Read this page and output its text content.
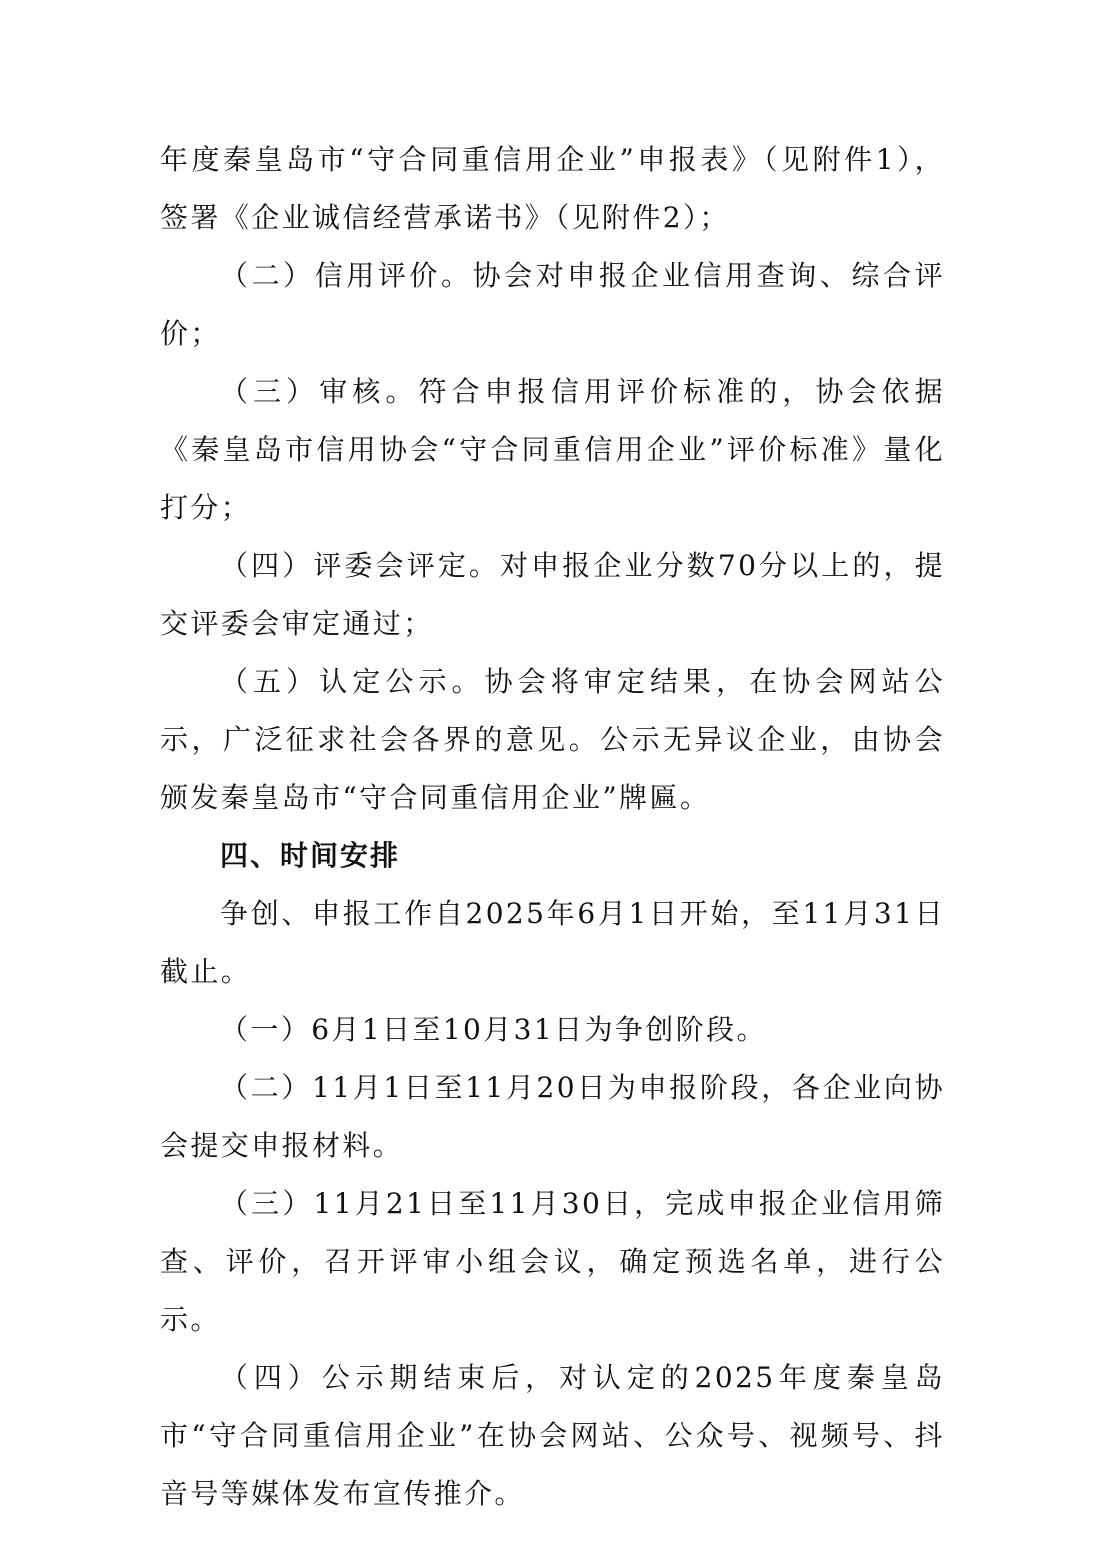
年度秦皇岛市“守合同重信用企业”申报表》（见附件1），签署《企业诚信经营承诺书》（见附件2）；

（二）信用评价。协会对申报企业信用查询、综合评价；

（三）审核。符合申报信用评价标准的，协会依据《秦皇岛市信用协会“守合同重信用企业”评价标准》量化打分；

（四）评委会评定。对申报企业分数70分以上的，提交评委会审定通过；

（五）认定公示。协会将审定结果，在协会网站公示，广泛征求社会各界的意见。公示无异议企业，由协会颁发秦皇岛市“守合同重信用企业”牌匾。

四、时间安排

争创、申报工作自2025年6月1日开始，至11月31日截止。

（一）6月1日至10月31日为争创阶段。

（二）11月1日至11月20日为申报阶段，各企业向协会提交申报材料。

（三）11月21日至11月30日，完成申报企业信用筛查、评价，召开评审小组会议，确定预选名单，进行公示。

（四）公示期结束后，对认定的2025年度秦皇岛市“守合同重信用企业”在协会网站、公众号、视频号、抖音号等媒体发布宣传推介。
